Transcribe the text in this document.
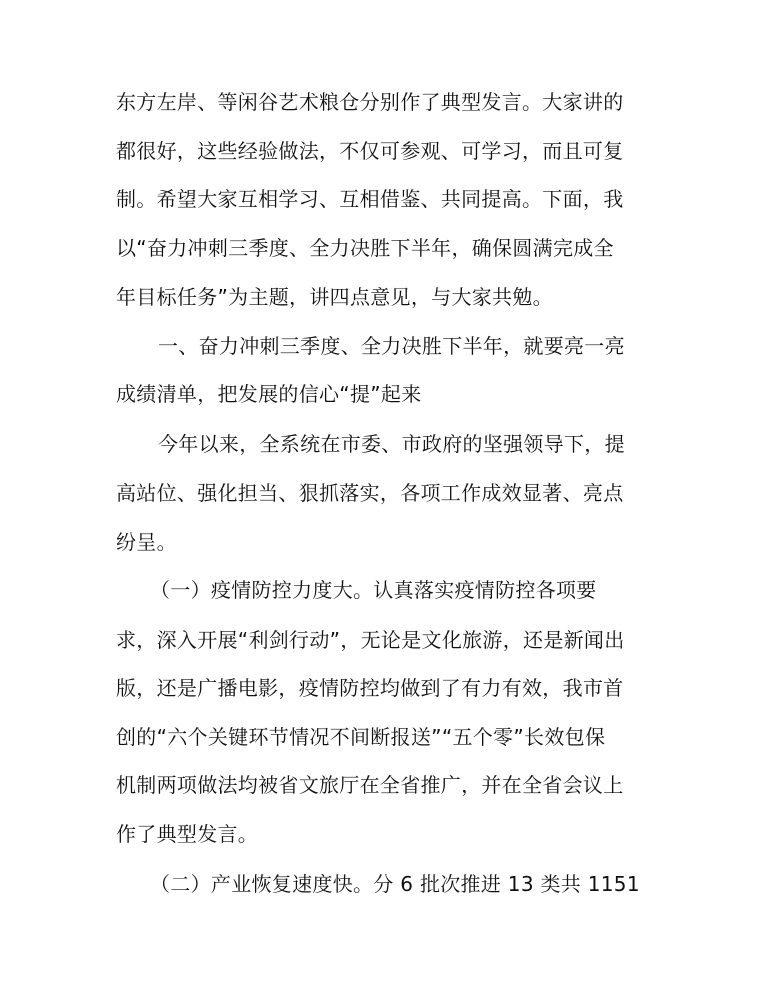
东方左岸、等闲谷艺术粮仓分别作了典型发言。大家讲的
都很好，这些经验做法，不仅可参观、可学习，而且可复
制。希望大家互相学习、互相借鉴、共同提高。下面，我
以“奋力冲刺三季度、全力决胜下半年，确保圆满完成全
年目标任务”为主题，讲四点意见，与大家共勉。
一、奋力冲刺三季度、全力决胜下半年，就要亮一亮
成绩清单，把发展的信心“提”起来
今年以来，全系统在市委、市政府的坚强领导下，提
高站位、强化担当、狠抓落实，各项工作成效显著、亮点
纷呈。
（一）疫情防控力度大。认真落实疫情防控各项要
求，深入开展“利剑行动”，无论是文化旅游，还是新闻出
版，还是广播电影，疫情防控均做到了有力有效，我市首
创的“六个关键环节情况不间断报送”“五个零”长效包保
机制两项做法均被省文旅厅在全省推广，并在全省会议上
作了典型发言。
（二）产业恢复速度快。分 6 批次推进 13 类共 1151
